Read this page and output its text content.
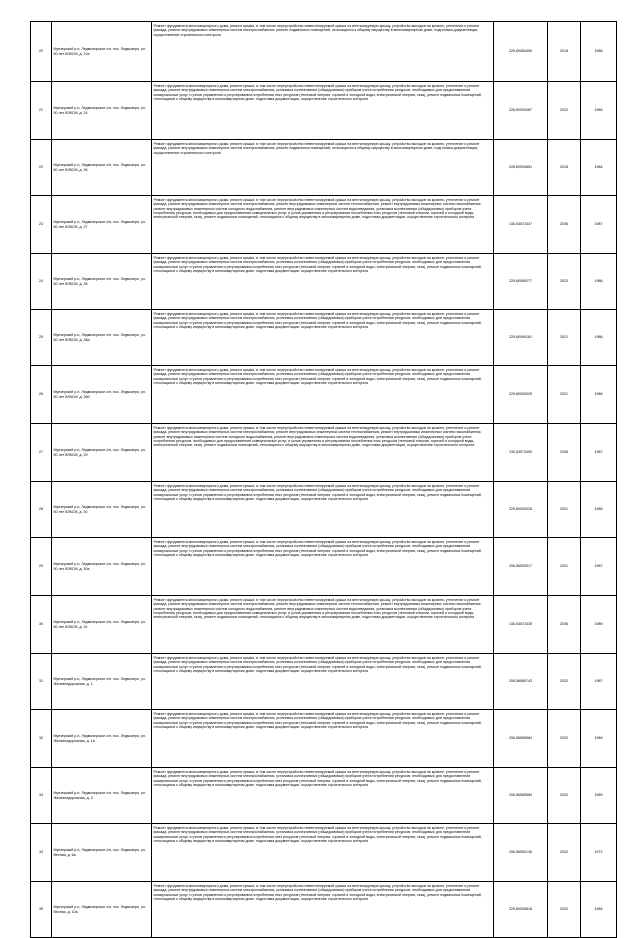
20	Муезерский р-н, Ледмозерское с/п, пос. Ледмозеро, ул. 50 лет ВЛКСМ, д. 22а	Ремонт фундамента многоквартирного дома, ремонт крыши, в том числе переустройство невентилируемой крыши на вентилируемую крышу, устройство выходов на кровлю, утепление и ремонт фасада, ремонт внутридомовых инженерных систем электроснабжения, ремонт подвальных помещений, относящихся к общему имуществу в многоквартирном доме, подготовка документации, осуществление строительного контроля	229,60084459	2018	1985
21	Муезерский р-н, Ледмозерское с/п, пос. Ледмозеро, ул. 50 лет ВЛКСМ, д. 24	Ремонт фундамента многоквартирного дома, ремонт крыши, в том числе переустройство невентилируемой крыши на вентилируемую крышу, устройство выходов на кровлю, утепление и ремонт фасада, ремонт внутридомовых инженерных систем электроснабжения, установка коллективных (общедомовых) приборов учета потребления ресурсов, необходимых для предоставления коммунальных услуг, и узлов управления и регулирования потребления этих ресурсов (тепловой энергии, горячей и холодной воды, электрической энергии, газа), ремонт подвальных помещений, относящихся к общему имуществу в многоквартирном доме, подготовка документации, осуществление строительного контроля	226,60093487	2022	1985
22	Муезерский р-н, Ледмозерское с/п, пос. Ледмозеро, ул. 50 лет ВЛКСМ, д. 26	Ремонт фундамента многоквартирного дома, ремонт крыши, в том числе переустройство невентилируемой крыши на вентилируемую крышу, устройство выходов на кровлю, утепление и ремонт фасада, ремонт внутридомовых инженерных систем электроснабжения, ремонт подвальных помещений, относящихся к общему имуществу в многоквартирном доме, подготовка документации, осуществление строительного контроля	228,60094851	2018	1984
23	Муезерский р-н, Ледмозерское с/п, пос. Ледмозеро, ул. 50 лет ВЛКСМ, д. 27	Ремонт фундамента многоквартирного дома, ремонт крыши, в том числе переустройство невентилируемой крыши на вентилируемую крышу, устройство выходов на кровлю, утепление и ремонт фасада, ремонт внутридомовых инженерных систем электроснабжения, ремонт внутридомовых инженерных систем теплоснабжения, ремонт внутридомовых инженерных систем газоснабжения, ремонт внутридомовых инженерных систем холодного водоснабжения, ремонт внутридомовых инженерных систем водоотведения, установка коллективных (общедомовых) приборов учета потребления ресурсов, необходимых для предоставления коммунальных услуг, и узлов управления и регулирования потребления этих ресурсов (тепловой энергии, горячей и холодной воды, электрической энергии, газа), ремонт подвальных помещений, относящихся к общему имуществу в многоквартирном доме, подготовка документации, осуществление строительного контроля	135,54573447	2036	1987
24	Муезерский р-н, Ледмозерское с/п, пос. Ледмозеро, ул. 50 лет ВЛКСМ, д. 28	Ремонт фундамента многоквартирного дома, ремонт крыши, в том числе переустройство невентилируемой крыши на вентилируемую крышу, устройство выходов на кровлю, утепление и ремонт фасада, ремонт внутридомовых инженерных систем электроснабжения, установка коллективных (общедомовых) приборов учета потребления ресурсов, необходимых для предоставления коммунальных услуг, и узлов управления и регулирования потребления этих ресурсов (тепловой энергии, горячей и холодной воды, электрической энергии, газа), ремонт подвальных помещений, относящихся к общему имуществу в многоквартирном доме, подготовка документации, осуществление строительного контроля	229,60089277	2023	1986
25	Муезерский р-н, Ледмозерское с/п, пос. Ледмозеро, ул. 50 лет ВЛКСМ, д. 28а	Ремонт фундамента многоквартирного дома, ремонт крыши, в том числе переустройство невентилируемой крыши на вентилируемую крышу, устройство выходов на кровлю, утепление и ремонт фасада, ремонт внутридомовых инженерных систем электроснабжения, установка коллективных (общедомовых) приборов учета потребления ресурсов, необходимых для предоставления коммунальных услуг, и узлов управления и регулирования потребления этих ресурсов (тепловой энергии, горячей и холодной воды, электрической энергии, газа), ремонт подвальных помещений, относящихся к общему имуществу в многоквартирном доме, подготовка документации, осуществление строительного контроля	229,60095161	2021	1986
26	Муезерский р-н, Ледмозерское с/п, пос. Ледмозеро, ул. 50 лет ВЛКСМ, д. 28б	Ремонт фундамента многоквартирного дома, ремонт крыши, в том числе переустройство невентилируемой крыши на вентилируемую крышу, устройство выходов на кровлю, утепление и ремонт фасада, ремонт внутридомовых инженерных систем электроснабжения, установка коллективных (общедомовых) приборов учета потребления ресурсов, необходимых для предоставления коммунальных услуг, и узлов управления и регулирования потребления этих ресурсов (тепловой энергии, горячей и холодной воды, электрической энергии, газа), ремонт подвальных помещений, относящихся к общему имуществу в многоквартирном доме, подготовка документации, осуществление строительного контроля	229,60093029	2021	1986
27	Муезерский р-н, Ледмозерское с/п, пос. Ледмозеро, ул. 50 лет ВЛКСМ, д. 29	Ремонт фундамента многоквартирного дома, ремонт крыши, в том числе переустройство невентилируемой крыши на вентилируемую крышу, устройство выходов на кровлю, утепление и ремонт фасада, ремонт внутридомовых инженерных систем электроснабжения, ремонт внутридомовых инженерных систем теплоснабжения, ремонт внутридомовых инженерных систем газоснабжения, ремонт внутридомовых инженерных систем холодного водоснабжения, ремонт внутридомовых инженерных систем водоотведения, установка коллективных (общедомовых) приборов учета потребления ресурсов, необходимых для предоставления коммунальных услуг, и узлов управления и регулирования потребления этих ресурсов (тепловой энергии, горячей и холодной воды, электрической энергии, газа), ремонт подвальных помещений, относящихся к общему имуществу в многоквартирном доме, подготовка документации, осуществление строительного контроля	135,54573459	2036	1987
28	Муезерский р-н, Ледмозерское с/п, пос. Ледмозеро, ул. 50 лет ВЛКСМ, д. 30	Ремонт фундамента многоквартирного дома, ремонт крыши, в том числе переустройство невентилируемой крыши на вентилируемую крышу, устройство выходов на кровлю, утепление и ремонт фасада, ремонт внутридомовых инженерных систем электроснабжения, установка коллективных (общедомовых) приборов учета потребления ресурсов, необходимых для предоставления коммунальных услуг, и узлов управления и регулирования потребления этих ресурсов (тепловой энергии, горячей и холодной воды, электрической энергии, газа), ремонт подвальных помещений, относящихся к общему имуществу в многоквартирном доме, подготовка документации, осуществление строительного контроля	229,60093028	2021	1985
29	Муезерский р-н, Ледмозерское с/п, пос. Ледмозеро, ул. 50 лет ВЛКСМ, д. 30а	Ремонт фундамента многоквартирного дома, ремонт крыши, в том числе переустройство невентилируемой крыши на вентилируемую крышу, устройство выходов на кровлю, утепление и ремонт фасада, ремонт внутридомовых инженерных систем электроснабжения, установка коллективных (общедомовых) приборов учета потребления ресурсов, необходимых для предоставления коммунальных услуг, и узлов управления и регулирования потребления этих ресурсов (тепловой энергии, горячей и холодной воды, электрической энергии, газа), ремонт подвальных помещений, относящихся к общему имуществу в многоквартирном доме, подготовка документации, осуществление строительного контроля	206,56593017	2031	1987
30	Муезерский р-н, Ледмозерское с/п, пос. Ледмозеро, ул. 50 лет ВЛКСМ, д. 31	Ремонт фундамента многоквартирного дома, ремонт крыши, в том числе переустройство невентилируемой крыши на вентилируемую крышу, устройство выходов на кровлю, утепление и ремонт фасада, ремонт внутридомовых инженерных систем электроснабжения, ремонт внутридомовых инженерных систем теплоснабжения, ремонт внутридомовых инженерных систем газоснабжения, ремонт внутридомовых инженерных систем холодного водоснабжения, ремонт внутридомовых инженерных систем водоотведения, установка коллективных (общедомовых) приборов учета потребления ресурсов, необходимых для предоставления коммунальных услуг, и узлов управления и регулирования потребления этих ресурсов (тепловой энергии, горячей и холодной воды, электрической энергии, газа), ремонт подвальных помещений, относящихся к общему имуществу в многоквартирном доме, подготовка документации, осуществление строительного контроля	135,54573435	2036	1989
31	Муезерский р-н, Ледмозерское с/п, пос. Ледмозеро, ул. Железнодорожная, д. 1	Ремонт фундамента многоквартирного дома, ремонт крыши, в том числе переустройство невентилируемой крыши на вентилируемую крышу, устройство выходов на кровлю, утепление и ремонт фасада, ремонт внутридомовых инженерных систем электроснабжения, установка коллективных (общедомовых) приборов учета потребления ресурсов, необходимых для предоставления коммунальных услуг, и узлов управления и регулирования потребления этих ресурсов (тепловой энергии, горячей и холодной воды, электрической энергии, газа), ремонт подвальных помещений, относящихся к общему имуществу в многоквартирном доме, подготовка документации, осуществление строительного контроля	206,56589743	2032	1987
32	Муезерский р-н, Ледмозерское с/п, пос. Ледмозеро, ул. Железнодорожная, д. 1а	Ремонт фундамента многоквартирного дома, ремонт крыши, в том числе переустройство невентилируемой крыши на вентилируемую крышу, устройство выходов на кровлю, утепление и ремонт фасада, ремонт внутридомовых инженерных систем электроснабжения, установка коллективных (общедомовых) приборов учета потребления ресурсов, необходимых для предоставления коммунальных услуг, и узлов управления и регулирования потребления этих ресурсов (тепловой энергии, горячей и холодной воды, электрической энергии, газа), ремонт подвальных помещений, относящихся к общему имуществу в многоквартирном доме, подготовка документации, осуществление строительного контроля	206,56589684	2032	1989
33	Муезерский р-н, Ледмозерское с/п, пос. Ледмозеро, ул. Железнодорожная, д. 2	Ремонт фундамента многоквартирного дома, ремонт крыши, в том числе переустройство невентилируемой крыши на вентилируемую крышу, устройство выходов на кровлю, утепление и ремонт фасада, ремонт внутридомовых инженерных систем электроснабжения, установка коллективных (общедомовых) приборов учета потребления ресурсов, необходимых для предоставления коммунальных услуг, и узлов управления и регулирования потребления этих ресурсов (тепловой энергии, горячей и холодной воды, электрической энергии, газа), ремонт подвальных помещений, относящихся к общему имуществу в многоквартирном доме, подготовка документации, осуществление строительного контроля	206,56589684	2032	1989
34	Муезерский р-н, Ледмозерское с/п, пос. Ледмозеро, ул. Весняя, д. 6а	Ремонт фундамента многоквартирного дома, ремонт крыши, в том числе переустройство невентилируемой крыши на вентилируемую крышу, устройство выходов на кровлю, утепление и ремонт фасада, ремонт внутридомовых инженерных систем электроснабжения, установка коллективных (общедомовых) приборов учета потребления ресурсов, необходимых для предоставления коммунальных услуг, и узлов управления и регулирования потребления этих ресурсов (тепловой энергии, горячей и холодной воды, электрической энергии, газа), ремонт подвальных помещений, относящихся к общему имуществу в многоквартирном доме, подготовка документации, осуществление строительного контроля	206,56590146	2032	1972
35	Муезерский р-н, Ледмозерское с/п, пос. Ледмозеро, ул. Весняя, д. 10а	Ремонт фундамента многоквартирного дома, ремонт крыши, в том числе переустройство невентилируемой крыши на вентилируемую крышу, устройство выходов на кровлю, утепление и ремонт фасада, ремонт внутридомовых инженерных систем электроснабжения, установка коллективных (общедомовых) приборов учета потребления ресурсов, необходимых для предоставления коммунальных услуг, и узлов управления и регулирования потребления этих ресурсов (тепловой энергии, горячей и холодной воды, электрической энергии, газа), ремонт подвальных помещений, относящихся к общему имуществу в многоквартирном доме, подготовка документации, осуществление строительного контроля	229,60093616	2020	1984
